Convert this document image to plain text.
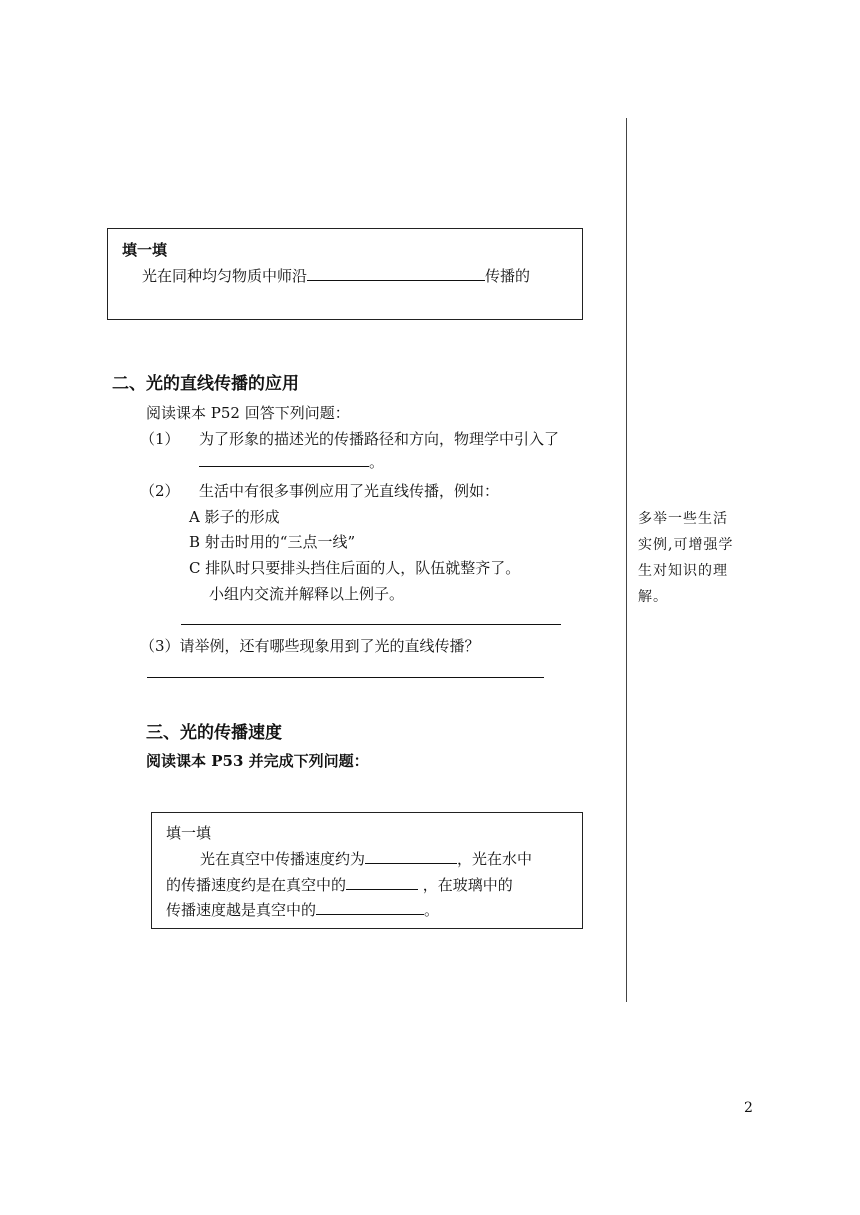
填一填
光在同种均匀物质中师沿	传播的
二、光的直线传播的应用
阅读课本 P52 回答下列问题：
（1） 为了形象的描述光的传播路径和方向，物理学中引入了
。
（2） 生活中有很多事例应用了光直线传播，例如：
A 影子的形成
B 射击时用的“三点一线”
C 排队时只要排头挡住后面的人，队伍就整齐了。
小组内交流并解释以上例子。
（3）请举例，还有哪些现象用到了光的直线传播？
三、光的传播速度
阅读课本 P53 并完成下列问题：
填一填
光在真空中传播速度约为	，光在水中
的传播速度约是在真空中的	，在玻璃中的
传播速度越是真空中的	。
多举一些生活
实例,可增强学
生对知识的理
解。
2
